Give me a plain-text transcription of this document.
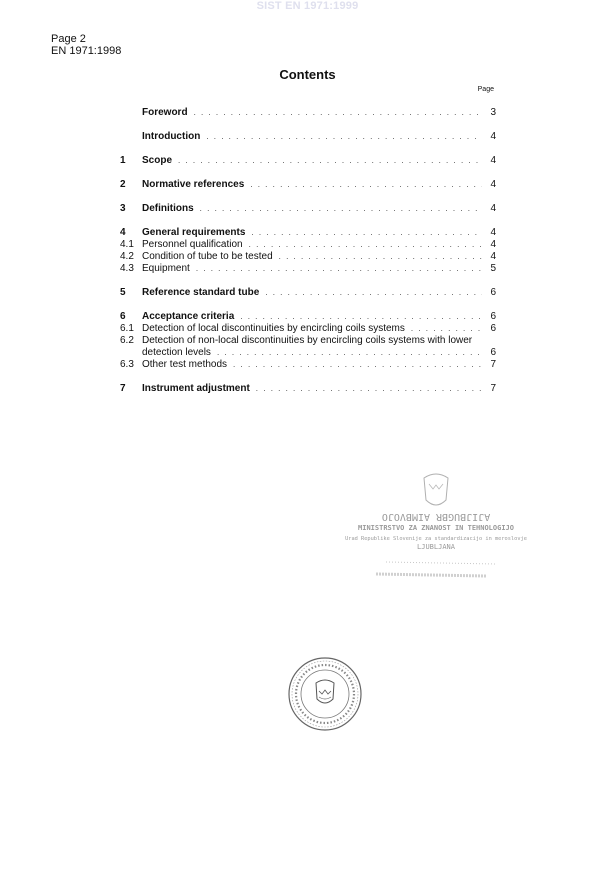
SIST EN 1971:1999
Page 2
EN 1971:1998
Contents
Page
Foreword . . .	3
Introduction . . .	4
1	Scope . . .	4
2	Normative references . . .	4
3	Definitions . . .	4
4	General requirements . . .	4
4.1 Personnel qualification . . .	4
4.2 Condition of tube to be tested . . .	4
4.3 Equipment . . .	5
5	Reference standard tube . . .	6
6	Acceptance criteria . . .	6
6.1 Detection of local discontinuities by encircling coils systems . . .	6
6.2 Detection of non-local discontinuities by encircling coils systems with lower
detection levels . . .	6
6.3 Other test methods . . .	7
7	Instrument adjustment . . .	7
AJIJBUGBR AIMBVOJO
MINISTRSTVO ZA ZNANOST IN TEHNOLOGIJO
Urad Republike Slovenije za standardizacijo in meroslovje
LJUBLJANA
